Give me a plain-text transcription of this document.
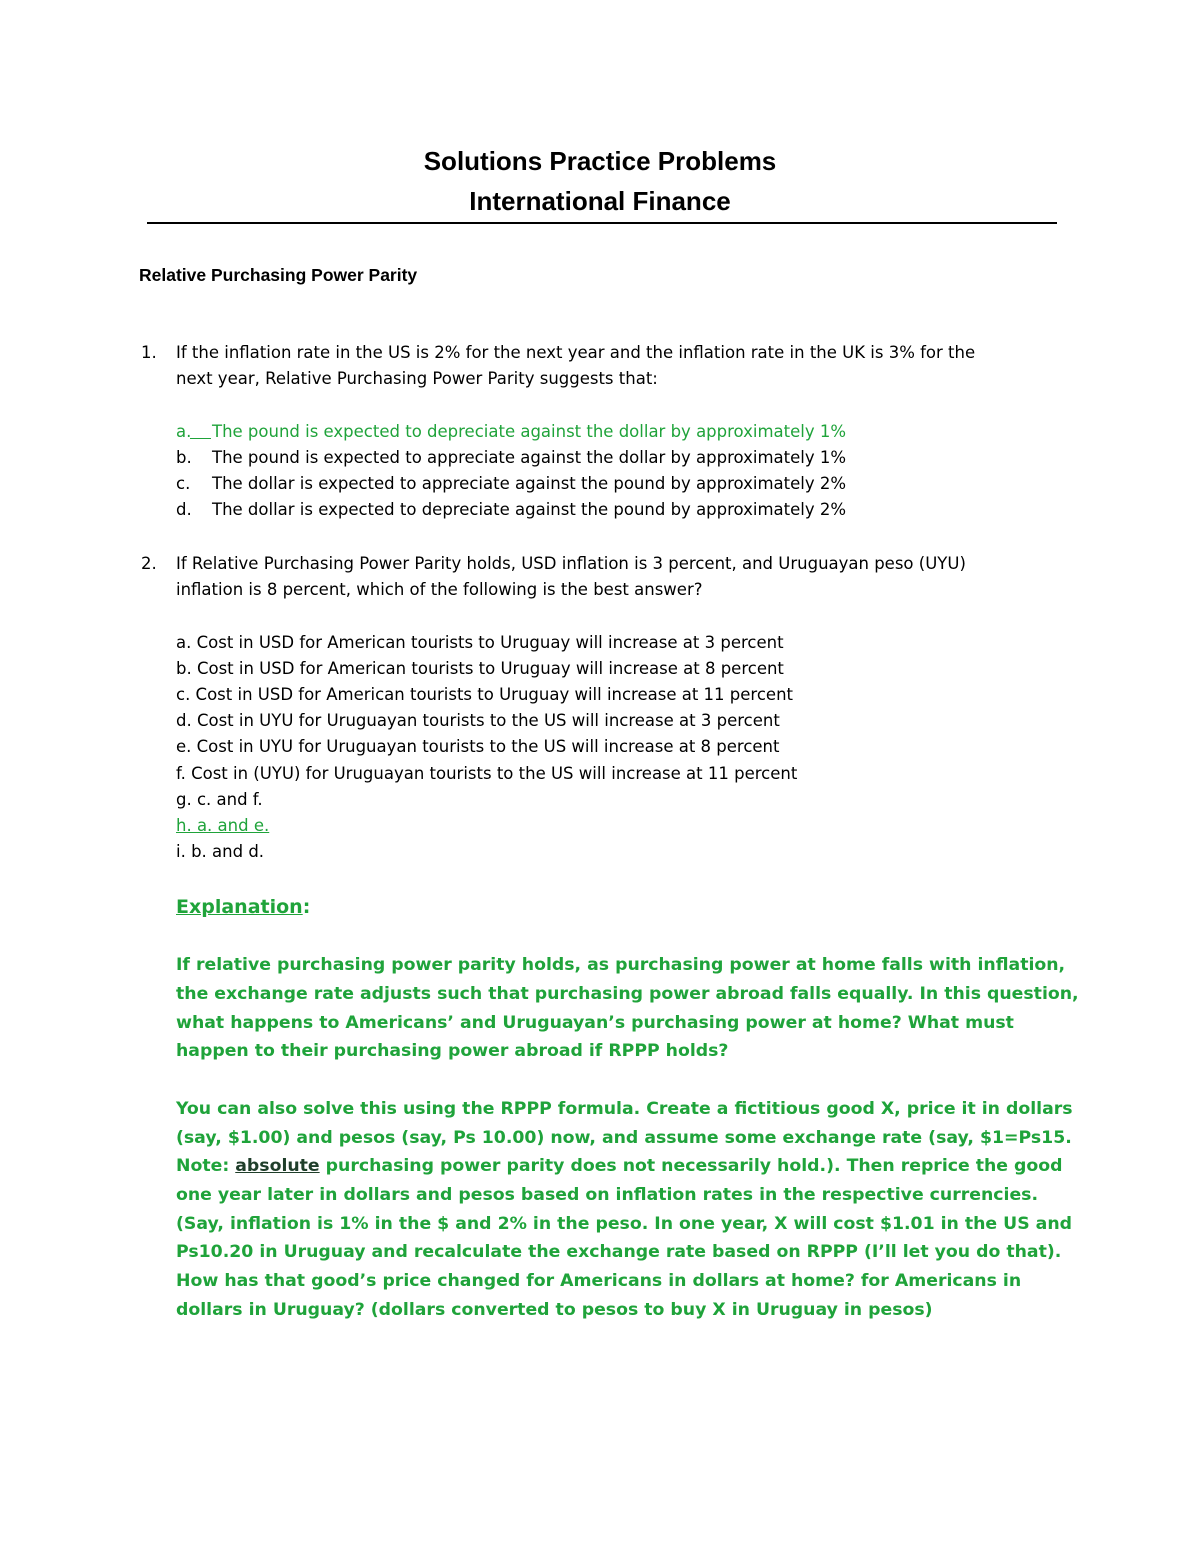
Solutions Practice Problems
International Finance
Relative Purchasing Power Parity
1. If the inflation rate in the US is 2% for the next year and the inflation rate in the UK is 3% for the
next year, Relative Purchasing Power Parity suggests that:
a. The pound is expected to depreciate against the dollar by approximately 1%

b. The pound is expected to appreciate against the dollar by approximately 1%
c. The dollar is expected to appreciate against the pound by approximately 2%
d. The dollar is expected to depreciate against the pound by approximately 2%
2. If Relative Purchasing Power Parity holds, USD inflation is 3 percent, and Uruguayan peso (UYU)
inflation is 8 percent, which of the following is the best answer?
a. Cost in USD for American tourists to Uruguay will increase at 3 percent
b. Cost in USD for American tourists to Uruguay will increase at 8 percent
c. Cost in USD for American tourists to Uruguay will increase at 11 percent
d. Cost in UYU for Uruguayan tourists to the US will increase at 3 percent
e. Cost in UYU for Uruguayan tourists to the US will increase at 8 percent
f. Cost in (UYU) for Uruguayan tourists to the US will increase at 11 percent
g. c. and f.
h. a. and e.
i. b. and d.
Explanation:
If relative purchasing power parity holds, as purchasing power at home falls with inflation,
the exchange rate adjusts such that purchasing power abroad falls equally. In this question,
what happens to Americans’ and Uruguayan’s purchasing power at home? What must
happen to their purchasing power abroad if RPPP holds?
You can also solve this using the RPPP formula. Create a fictitious good X, price it in dollars
(say, $1.00) and pesos (say, Ps 10.00) now, and assume some exchange rate (say, $1=Ps15.
Note: absolute purchasing power parity does not necessarily hold.). Then reprice the good
one year later in dollars and pesos based on inflation rates in the respective currencies.
(Say, inflation is 1% in the $ and 2% in the peso. In one year, X will cost $1.01 in the US and
Ps10.20 in Uruguay and recalculate the exchange rate based on RPPP (I’ll let you do that).
How has that good’s price changed for Americans in dollars at home? for Americans in
dollars in Uruguay? (dollars converted to pesos to buy X in Uruguay in pesos)
